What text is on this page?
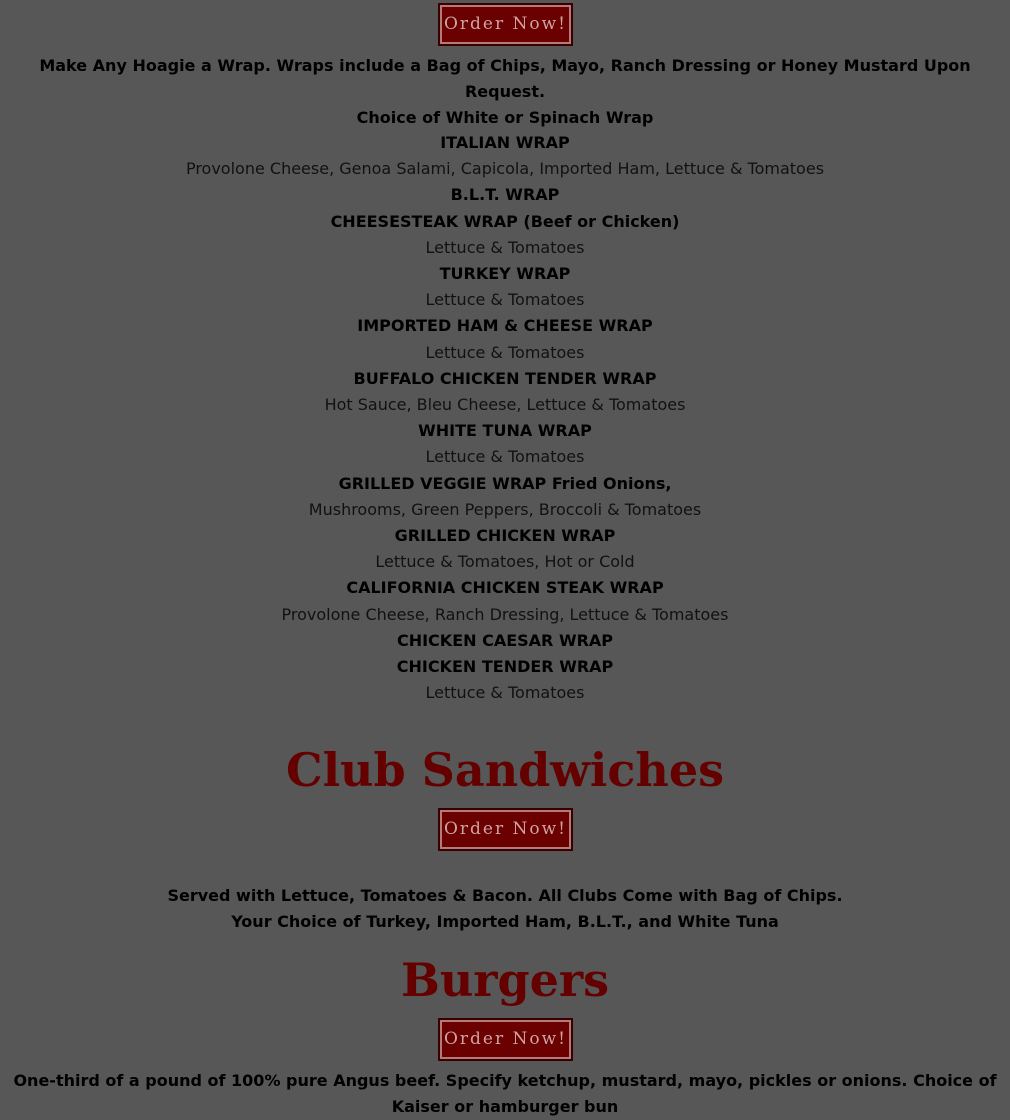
Order Now!
Make Any Hoagie a Wrap. Wraps include a Bag of Chips, Mayo, Ranch Dressing or Honey Mustard Upon Request.
Choice of White or Spinach Wrap
ITALIAN WRAP
Provolone Cheese, Genoa Salami, Capicola, Imported Ham, Lettuce & Tomatoes
B.L.T. WRAP
CHEESESTEAK WRAP (Beef or Chicken)
Lettuce & Tomatoes
TURKEY WRAP
Lettuce & Tomatoes
IMPORTED HAM & CHEESE WRAP
Lettuce & Tomatoes
BUFFALO CHICKEN TENDER WRAP
Hot Sauce, Bleu Cheese, Lettuce & Tomatoes
WHITE TUNA WRAP
Lettuce & Tomatoes
GRILLED VEGGIE WRAP Fried Onions,
Mushrooms, Green Peppers, Broccoli & Tomatoes
GRILLED CHICKEN WRAP
Lettuce & Tomatoes, Hot or Cold
CALIFORNIA CHICKEN STEAK WRAP
Provolone Cheese, Ranch Dressing, Lettuce & Tomatoes
CHICKEN CAESAR WRAP
CHICKEN TENDER WRAP
Lettuce & Tomatoes
Club Sandwiches
Order Now!
Served with Lettuce, Tomatoes & Bacon. All Clubs Come with Bag of Chips.
Your Choice of Turkey, Imported Ham, B.L.T., and White Tuna
Burgers
Order Now!
One-third of a pound of 100% pure Angus beef. Specify ketchup, mustard, mayo, pickles or onions. Choice of
Kaiser or hamburger bun
